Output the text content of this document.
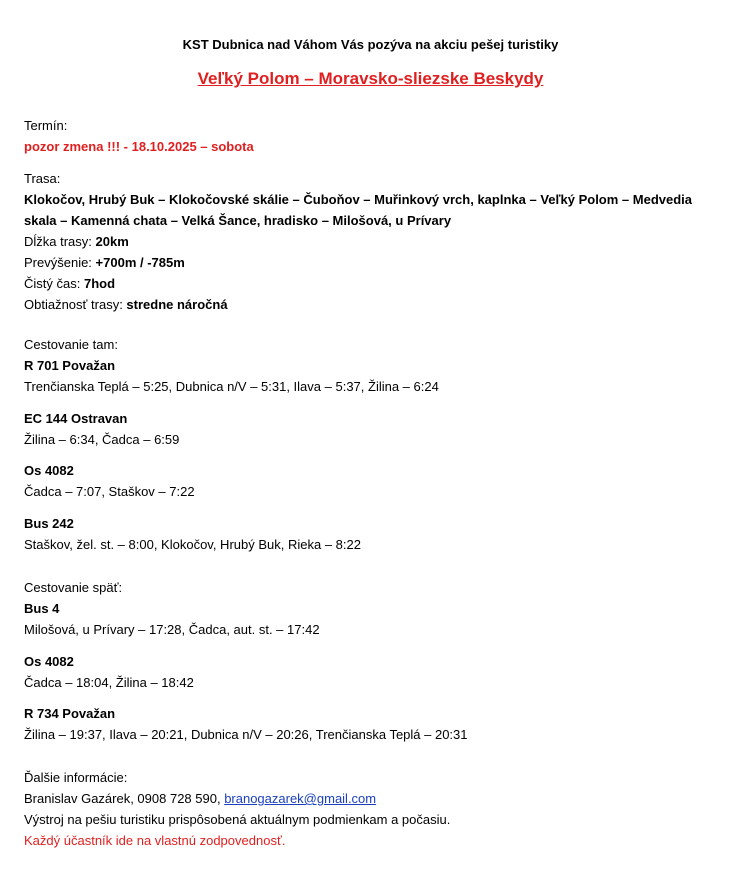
KST Dubnica nad Váhom Vás pozýva na akciu pešej turistiky
Veľký Polom – Moravsko-sliezske Beskydy
Termín:
pozor zmena !!! - 18.10.2025 – sobota
Trasa:
Klokočov, Hrubý Buk – Klokočovské skálie – Čuboňov – Muřinkový vrch, kaplnka – Veľký Polom – Medvedia skala – Kamenná chata – Velká Šance, hradisko – Milošová, u Prívary
Dĺžka trasy: 20km
Prevýšenie: +700m / -785m
Čistý čas: 7hod
Obtiažnosť trasy: stredne náročná
Cestovanie tam:
R 701 Považan
Trenčianska Teplá – 5:25, Dubnica n/V – 5:31, Ilava – 5:37, Žilina – 6:24
EC 144 Ostravan
Žilina – 6:34, Čadca – 6:59
Os 4082
Čadca – 7:07, Staškov – 7:22
Bus 242
Staškov, žel. st. – 8:00, Klokočov, Hrubý Buk, Rieka – 8:22
Cestovanie späť:
Bus 4
Milošová, u Prívary – 17:28, Čadca, aut. st. – 17:42
Os 4082
Čadca – 18:04, Žilina – 18:42
R 734 Považan
Žilina – 19:37, Ilava – 20:21, Dubnica n/V – 20:26, Trenčianska Teplá – 20:31
Ďalšie informácie:
Branislav Gazárek, 0908 728 590, branogazarek@gmail.com
Výstroj na pešiu turistiku prispôsobená aktuálnym podmienkam a počasiu.
Každý účastník ide na vlastnú zodpovednosť.
